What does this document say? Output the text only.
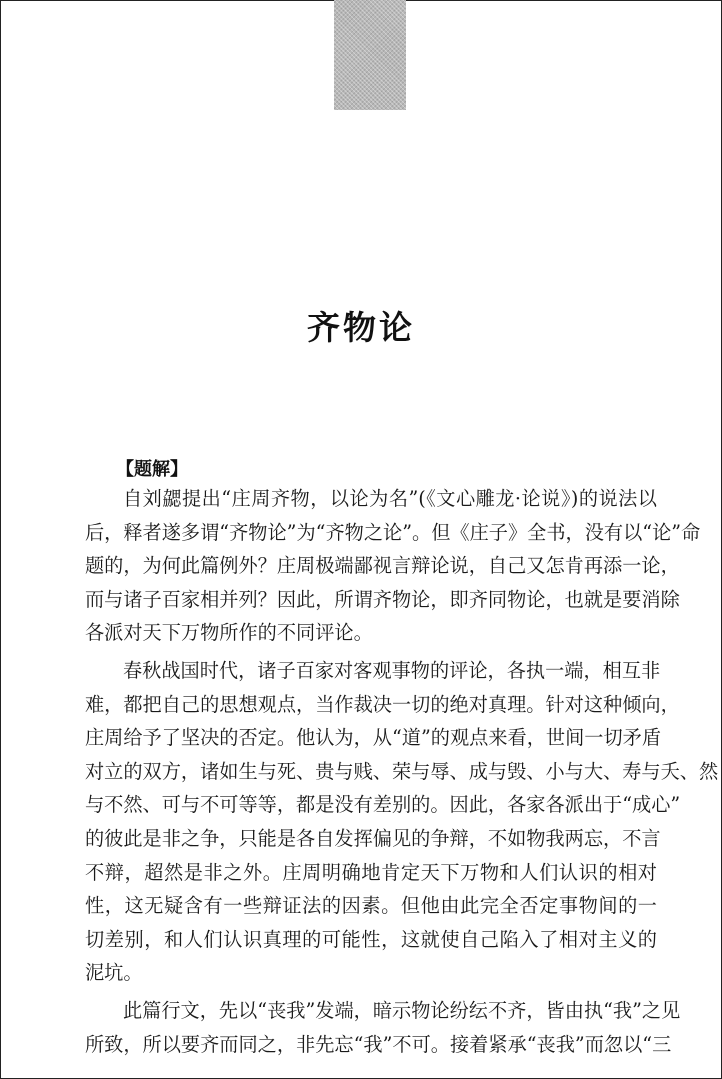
齐物论
【题解】
自刘勰提出“庄周齐物，以论为名”(《文心雕龙·论说》)的说法以
后，释者遂多谓“齐物论”为“齐物之论”。但《庄子》全书，没有以“论”命
题的，为何此篇例外？庄周极端鄙视言辩论说，自己又怎肯再添一论，
而与诸子百家相并列？因此，所谓齐物论，即齐同物论，也就是要消除
各派对天下万物所作的不同评论。
春秋战国时代，诸子百家对客观事物的评论，各执一端，相互非
难，都把自己的思想观点，当作裁决一切的绝对真理。针对这种倾向，
庄周给予了坚决的否定。他认为，从“道”的观点来看，世间一切矛盾
对立的双方，诸如生与死、贵与贱、荣与辱、成与毁、小与大、寿与夭、然
与不然、可与不可等等，都是没有差别的。因此，各家各派出于“成心”
的彼此是非之争，只能是各自发挥偏见的争辩，不如物我两忘，不言
不辩，超然是非之外。庄周明确地肯定天下万物和人们认识的相对
性，这无疑含有一些辩证法的因素。但他由此完全否定事物间的一
切差别，和人们认识真理的可能性，这就使自己陷入了相对主义的
泥坑。
此篇行文，先以“丧我”发端，暗示物论纷纭不齐，皆由执“我”之见
所致，所以要齐而同之，非先忘“我”不可。接着紧承“丧我”而忽以“三
